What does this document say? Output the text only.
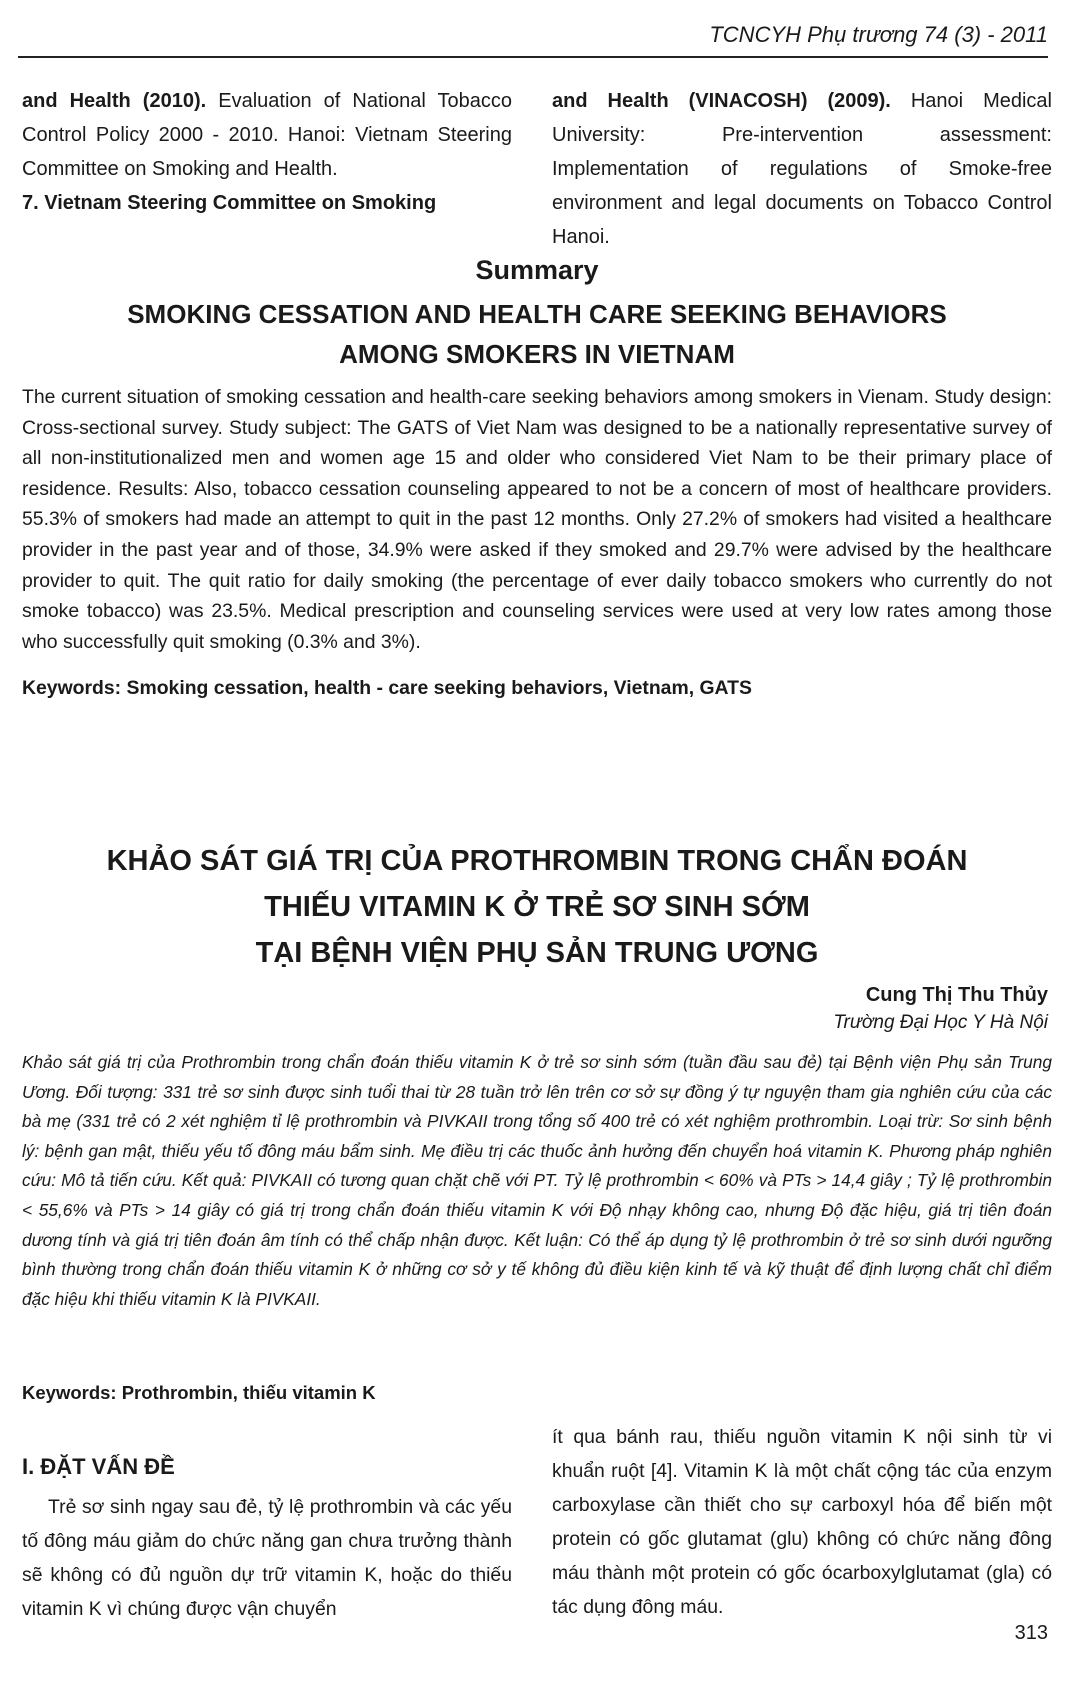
TCNCYH Phụ trương 74 (3) - 2011
and Health (2010). Evaluation of National Tobacco Control Policy 2000 - 2010. Hanoi: Vietnam Steering Committee on Smoking and Health.
7. Vietnam Steering Committee on Smoking
and Health (VINACOSH) (2009). Hanoi Medical University: Pre-intervention assessment: Implementation of regulations of Smoke-free environment and legal documents on Tobacco Control Hanoi.
Summary
SMOKING CESSATION AND HEALTH CARE SEEKING BEHAVIORS
AMONG SMOKERS IN VIETNAM

The current situation of smoking cessation and health-care seeking behaviors among smokers in Vienam. Study design: Cross-sectional survey. Study subject: The GATS of Viet Nam was designed to be a nationally representative survey of all non-institutionalized men and women age 15 and older who considered Viet Nam to be their primary place of residence. Results: Also, tobacco cessation counseling appeared to not be a concern of most of healthcare providers. 55.3% of smokers had made an attempt to quit in the past 12 months. Only 27.2% of smokers had visited a healthcare provider in the past year and of those, 34.9% were asked if they smoked and 29.7% were advised by the healthcare provider to quit. The quit ratio for daily smoking (the percentage of ever daily tobacco smokers who currently do not smoke tobacco) was 23.5%. Medical prescription and counseling services were used at very low rates among those who successfully quit smoking (0.3% and 3%).

Keywords: Smoking cessation, health - care seeking behaviors, Vietnam, GATS
KHẢO SÁT GIÁ TRỊ CỦA PROTHROMBIN TRONG CHẨN ĐOÁN
THIẾU VITAMIN K Ở TRẺ SƠ SINH SỚM
TẠI BỆNH VIỆN PHỤ SẢN TRUNG ƯƠNG
Cung Thị Thu Thủy
Trường Đại Học Y Hà Nội

Khảo sát giá trị của Prothrombin trong chẩn đoán thiếu vitamin K ở trẻ sơ sinh sớm (tuần đầu sau đẻ) tại Bệnh viện Phụ sản Trung Ương. Đối tượng: 331 trẻ sơ sinh được sinh tuổi thai từ 28 tuần trở lên trên cơ sở sự đồng ý tự nguyện tham gia nghiên cứu của các bà mẹ (331 trẻ có 2 xét nghiệm tỉ lệ prothrombin và PIVKAII trong tổng số 400 trẻ có xét nghiệm prothrombin. Loại trừ: Sơ sinh bệnh lý: bệnh gan mật, thiếu yếu tố đông máu bẩm sinh. Mẹ điều trị các thuốc ảnh hưởng đến chuyển hoá vitamin K. Phương pháp nghiên cứu: Mô tả tiến cứu. Kết quả: PIVKAII có tương quan chặt chẽ với PT. Tỷ lệ prothrombin < 60% và PTs > 14,4 giây ; Tỷ lệ prothrombin < 55,6% và PTs > 14 giây có giá trị trong chẩn đoán thiếu vitamin K với Độ nhạy không cao, nhưng Độ đặc hiệu, giá trị tiên đoán dương tính và giá trị tiên đoán âm tính có thể chấp nhận được. Kết luận: Có thể áp dụng tỷ lệ prothrombin ở trẻ sơ sinh dưới ngưỡng bình thường trong chẩn đoán thiếu vitamin K ở những cơ sở y tế không đủ điều kiện kinh tế và kỹ thuật để định lượng chất chỉ điểm đặc hiệu khi thiếu vitamin K là PIVKAII.

Keywords: Prothrombin, thiếu vitamin K
I. ĐẶT VẤN ĐỀ

Trẻ sơ sinh ngay sau đẻ, tỷ lệ prothrombin và các yếu tố đông máu giảm do chức năng gan chưa trưởng thành sẽ không có đủ nguồn dự trữ vitamin K, hoặc do thiếu vitamin K vì chúng được vận chuyển

ít qua bánh rau, thiếu nguồn vitamin K nội sinh từ vi khuẩn ruột [4]. Vitamin K là một chất cộng tác của enzym carboxylase cần thiết cho sự carboxyl hóa để biến một protein có gốc glutamat (glu) không có chức năng đông máu thành một protein có gốc ócarboxylglutamat (gla) có tác dụng đông máu.

313
